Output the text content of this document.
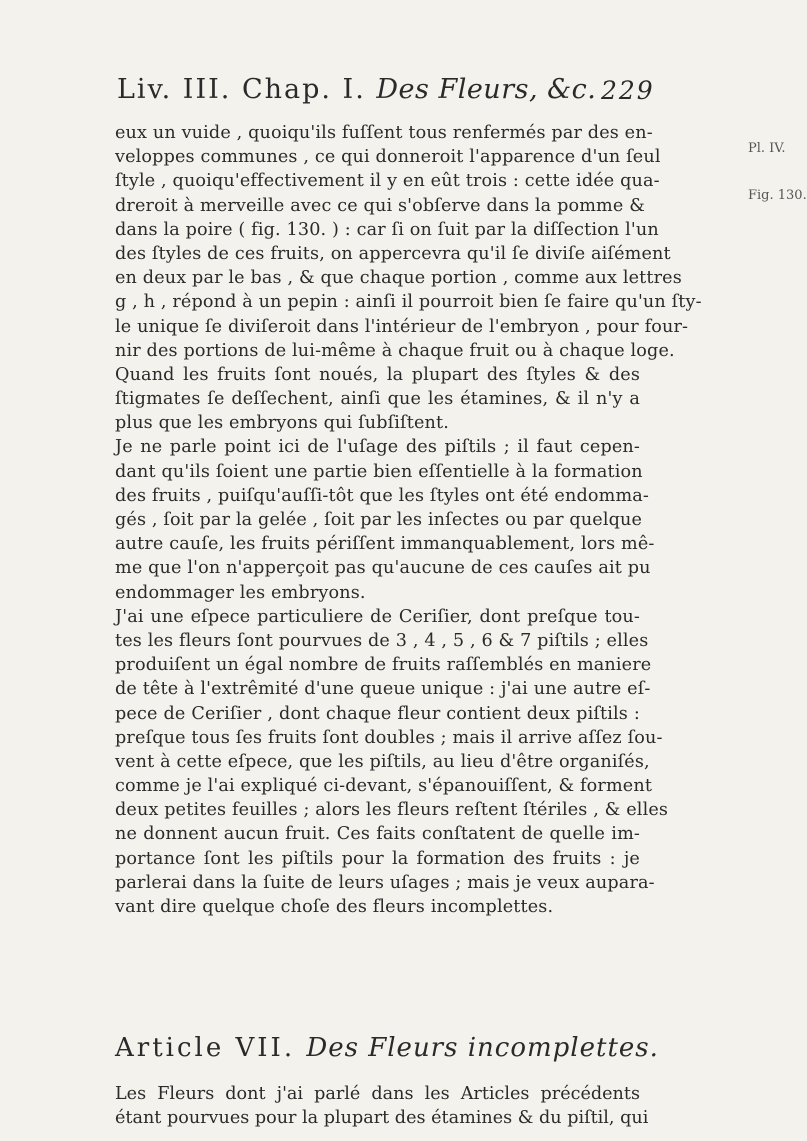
Liv. III. Chap. I. Des Fleurs, &c. 229
Pl. IV.
Fig. 130.
eux un vuide , quoiqu'ils fuſſent tous renfermés par des en-
veloppes communes , ce qui donneroit l'apparence d'un ſeul
ſtyle , quoiqu'effectivement il y en eût trois : cette idée qua-
dreroit à merveille avec ce qui s'obſerve dans la pomme &
dans la poire ( fig. 130. ) : car ſi on ſuit par la diſſection l'un
des ſtyles de ces fruits, on appercevra qu'il ſe diviſe aiſément
en deux par le bas , & que chaque portion , comme aux lettres
g , h , répond à un pepin : ainſi il pourroit bien ſe faire qu'un ſty-
le unique ſe diviſeroit dans l'intérieur de l'embryon , pour four-
nir des portions de lui-même à chaque fruit ou à chaque loge.
Quand les fruits ſont noués, la plupart des ſtyles & des
ſtigmates ſe deſſechent, ainſi que les étamines, & il n'y a
plus que les embryons qui ſubſiſtent.
Je ne parle point ici de l'uſage des piſtils ; il faut cepen-
dant qu'ils ſoient une partie bien eſſentielle à la formation
des fruits , puiſqu'auſſi-tôt que les ſtyles ont été endomma-
gés , ſoit par la gelée , ſoit par les inſectes ou par quelque
autre cauſe, les fruits périſſent immanquablement, lors mê-
me que l'on n'apperçoit pas qu'aucune de ces cauſes ait pu
endommager les embryons.
J'ai une eſpece particuliere de Ceriſier, dont preſque tou-
tes les fleurs ſont pourvues de 3 , 4 , 5 , 6 & 7 piſtils ; elles
produiſent un égal nombre de fruits raſſemblés en maniere
de tête à l'extrêmité d'une queue unique : j'ai une autre eſ-
pece de Ceriſier , dont chaque fleur contient deux piſtils :
preſque tous ſes fruits ſont doubles ; mais il arrive aſſez ſou-
vent à cette eſpece, que les piſtils, au lieu d'être organiſés,
comme je l'ai expliqué ci-devant, s'épanouiſſent, & forment
deux petites feuilles ; alors les fleurs reſtent ſtériles , & elles
ne donnent aucun fruit. Ces faits conſtatent de quelle im-
portance ſont les piſtils pour la formation des fruits : je
parlerai dans la ſuite de leurs uſages ; mais je veux aupara-
vant dire quelque choſe des fleurs incomplettes.
Article VII. Des Fleurs incomplettes.
Les Fleurs dont j'ai parlé dans les Articles précédents
étant pourvues pour la plupart des étamines & du piſtil, qui
